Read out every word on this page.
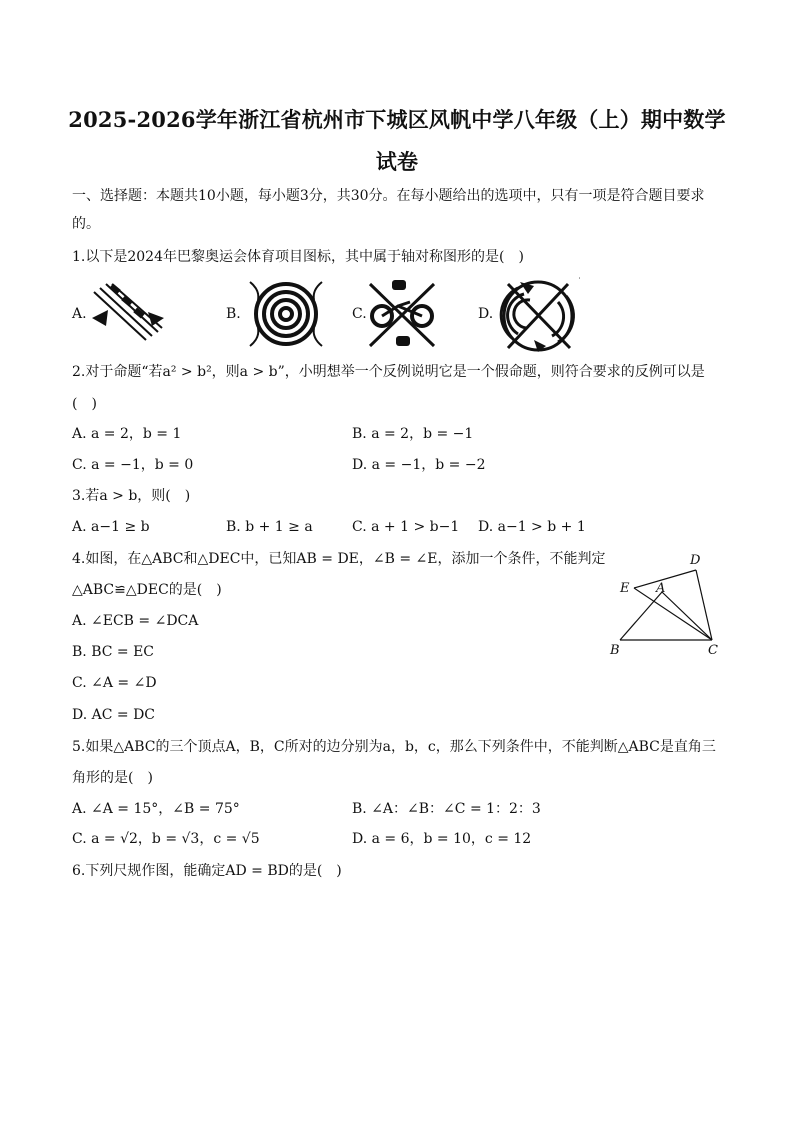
2025-2026学年浙江省杭州市下城区风帆中学八年级（上）期中数学
试卷
一、选择题：本题共10小题，每小题3分，共30分。在每小题给出的选项中，只有一项是符合题目要求
的。
1.以下是2024年巴黎奥运会体育项目图标，其中属于轴对称图形的是(　)
A.	B.	C.	D.
2.对于命题“若a² > b²，则a > b”，小明想举一个反例说明它是一个假命题，则符合要求的反例可以是
(　)
A. a = 2，b = 1	B. a = 2，b = −1
C. a = −1，b = 0	D. a = −1，b = −2
3.若a > b，则(　)
A. a−1 ≥ b	B. b + 1 ≥ a	C. a + 1 > b−1 D. a−1 > b + 1
4.如图，在△ABC和△DEC中，已知AB = DE，∠B = ∠E，添加一个条件，不能判定
△ABC≌△DEC的是(　)
A. ∠ECB = ∠DCA
B. BC = EC
C. ∠A = ∠D
D. AC = DC
D
E A
B	C
5.如果△ABC的三个顶点A，B，C所对的边分别为a，b，c，那么下列条件中，不能判断△ABC是直角三
角形的是(　)
A. ∠A = 15°，∠B = 75°	B. ∠A：∠B：∠C = 1：2：3
C. a = √2，b = √3，c = √5	D. a = 6，b = 10，c = 12
6.下列尺规作图，能确定AD = BD的是(　)
